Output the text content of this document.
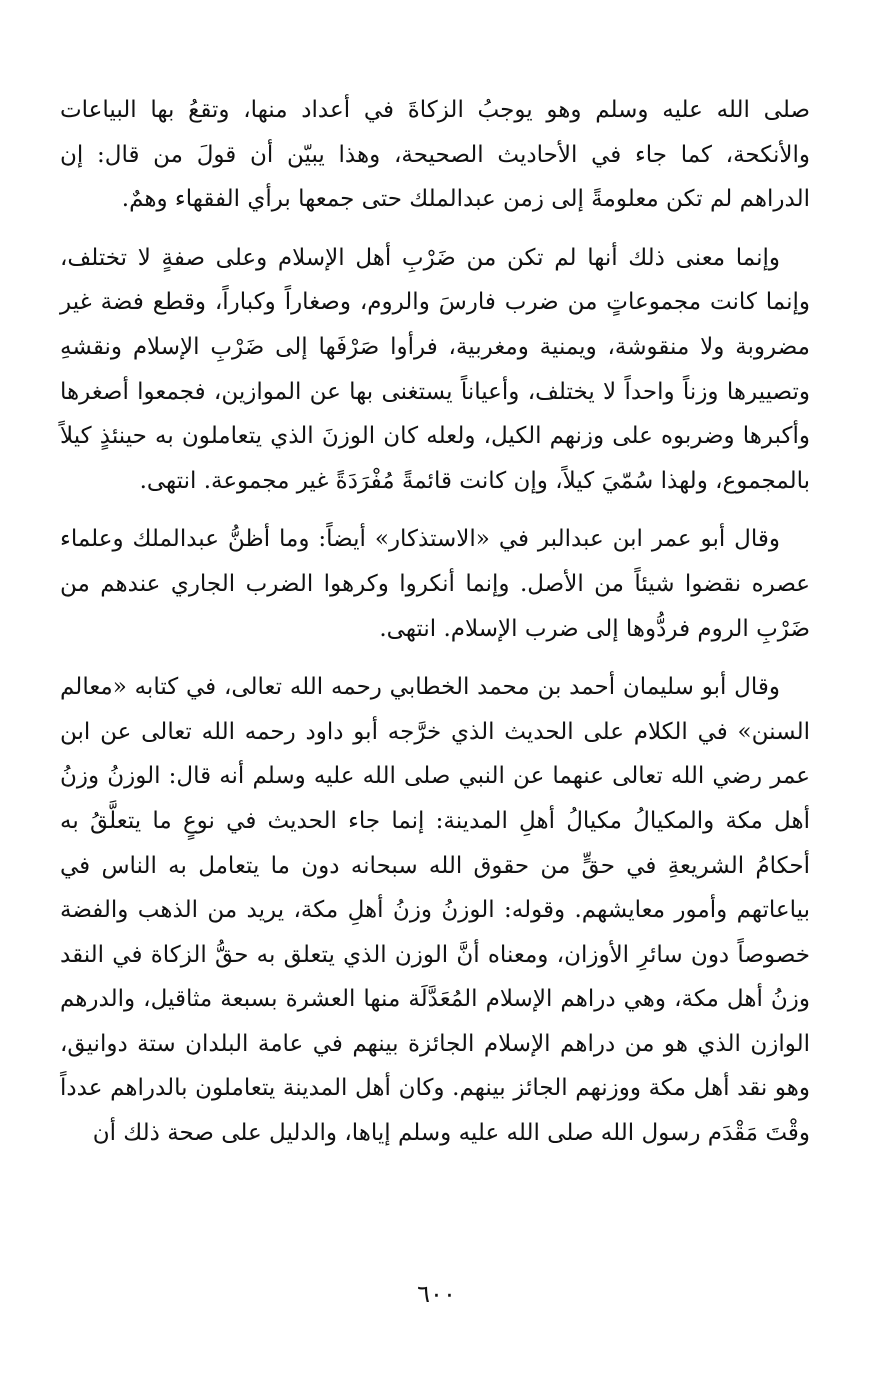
صلى الله عليه وسلم وهو يوجبُ الزكاةَ في أعداد منها، وتقعُ بها البياعات والأنكحة، كما جاء في الأحاديث الصحيحة، وهذا يبيّن أن قولَ من قال: إن الدراهم لم تكن معلومةً إلى زمن عبدالملك حتى جمعها برأي الفقهاء وهمٌ.

وإنما معنى ذلك أنها لم تكن من ضَرْبِ أهل الإسلام وعلى صفةٍ لا تختلف، وإنما كانت مجموعاتٍ من ضرب فارسَ والروم، وصغاراً وكباراً، وقطع فضة غير مضروبة ولا منقوشة، ويمنية ومغربية، فرأوا صَرْفَها إلى ضَرْبِ الإسلام ونقشهِ وتصييرها وزناً واحداً لا يختلف، وأعياناً يستغنى بها عن الموازين، فجمعوا أصغرها وأكبرها وضربوه على وزنهم الكيل، ولعله كان الوزنَ الذي يتعاملون به حينئذٍ كيلاً بالمجموع، ولهذا سُمّيَ كيلاً، وإن كانت قائمةً مُفْرَدَةً غير مجموعة. انتهى.

وقال أبو عمر ابن عبدالبر في «الاستذكار» أيضاً: وما أظنُّ عبدالملك وعلماء عصره نقضوا شيئاً من الأصل. وإنما أنكروا وكرهوا الضرب الجاري عندهم من ضَرْبِ الروم فردُّوها إلى ضرب الإسلام. انتهى.

وقال أبو سليمان أحمد بن محمد الخطابي رحمه الله تعالى، في كتابه «معالم السنن» في الكلام على الحديث الذي خرَّجه أبو داود رحمه الله تعالى عن ابن عمر رضي الله تعالى عنهما عن النبي صلى الله عليه وسلم أنه قال: الوزنُ وزنُ أهل مكة والمكيالُ مكيالُ أهلِ المدينة: إنما جاء الحديث في نوعٍ ما يتعلَّقُ به أحكامُ الشريعةِ في حقٍّ من حقوق الله سبحانه دون ما يتعامل به الناس في بياعاتهم وأمور معايشهم. وقوله: الوزنُ وزنُ أهلِ مكة، يريد من الذهب والفضة خصوصاً دون سائرِ الأوزان، ومعناه أنَّ الوزن الذي يتعلق به حقُّ الزكاة في النقد وزنُ أهل مكة، وهي دراهم الإسلام المُعَدَّلَة منها العشرة بسبعة مثاقيل، والدرهم الوازن الذي هو من دراهم الإسلام الجائزة بينهم في عامة البلدان ستة دوانيق، وهو نقد أهل مكة ووزنهم الجائز بينهم. وكان أهل المدينة يتعاملون بالدراهم عدداً وقْتَ مَقْدَم رسول الله صلى الله عليه وسلم إياها، والدليل على صحة ذلك أن

٦٠٠
